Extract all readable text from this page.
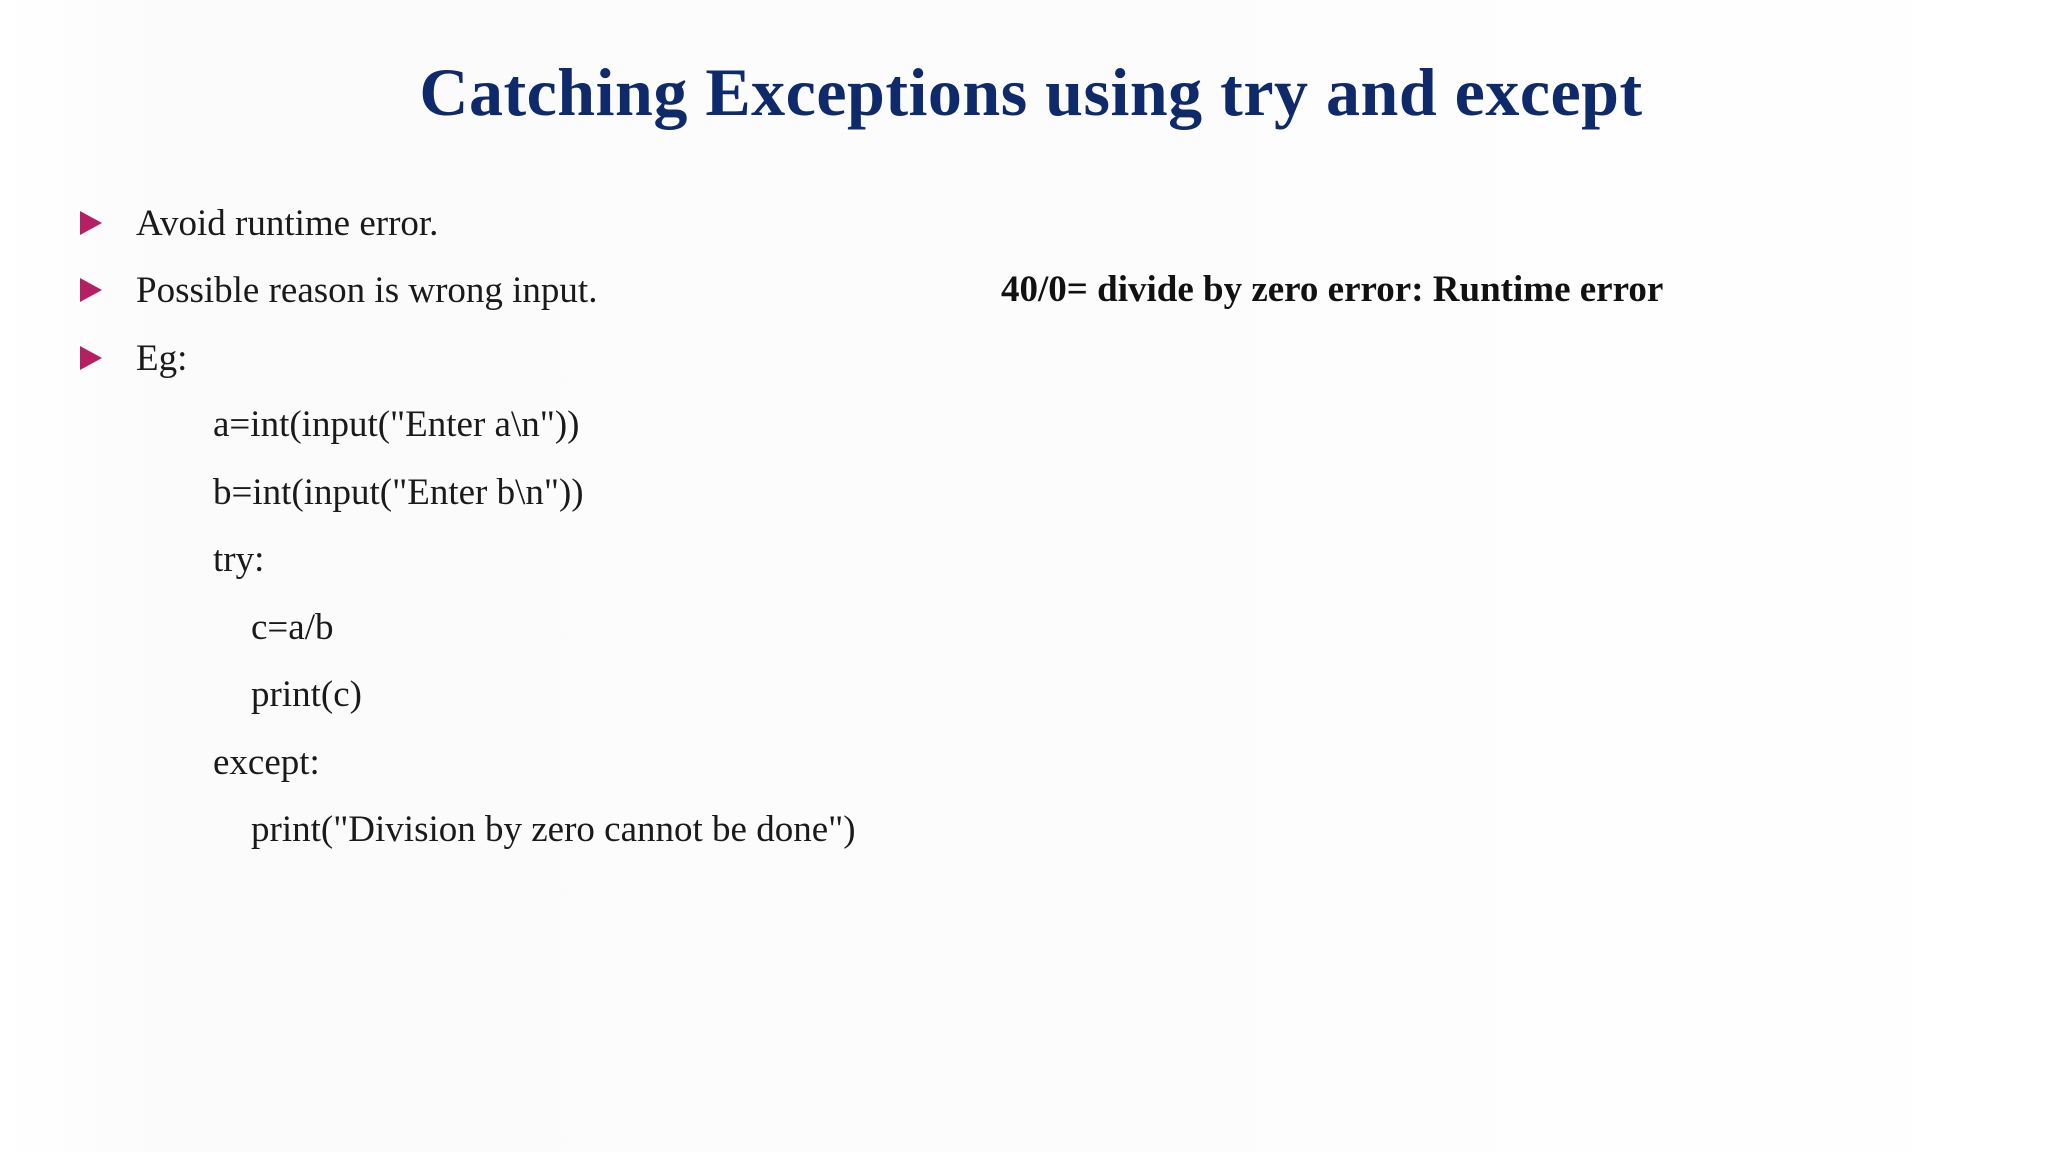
Catching Exceptions using try and except
Avoid runtime error.
Possible reason is wrong input.	40/0= divide by zero error: Runtime error
Eg:
a=int(input("Enter a\n"))
b=int(input("Enter b\n"))
try:
c=a/b
print(c)
except:
print("Division by zero cannot be done")
